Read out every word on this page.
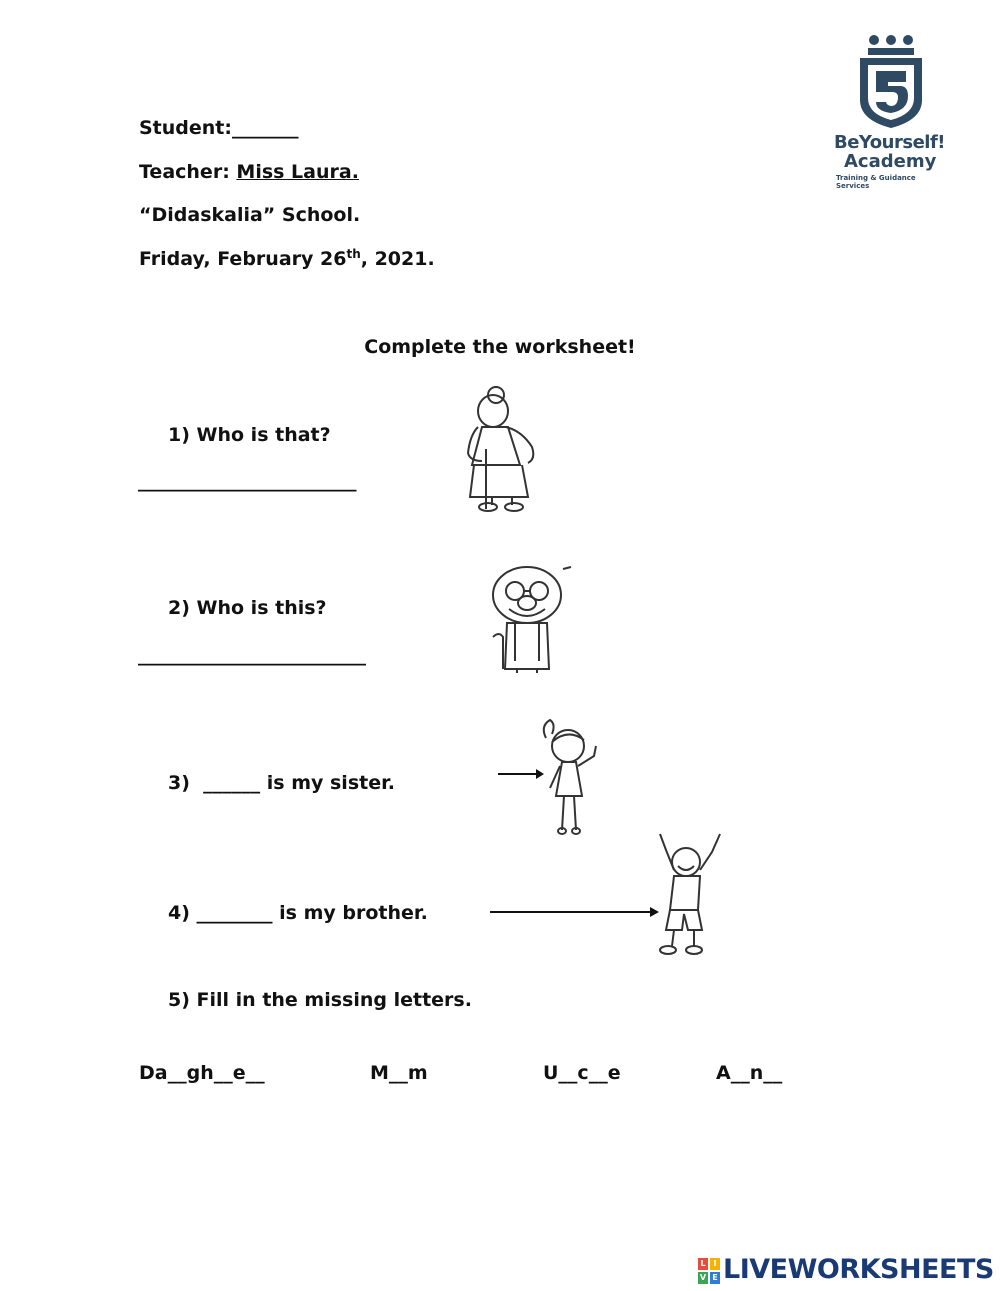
Student:_______
Teacher: Miss Laura.
“Didaskalia” School.
Friday, February 26th, 2021.
BeYourself!
Academy
Training & Guidance Services
Complete the worksheet!
1) Who is that?
_______________________
2) Who is this?
________________________
3) ______ is my sister.
4) ________ is my brother.
5) Fill in the missing letters.
Da__gh__e__	M__m	U__c__e	A__n__
L I
V E LIVEWORKSHEETS
